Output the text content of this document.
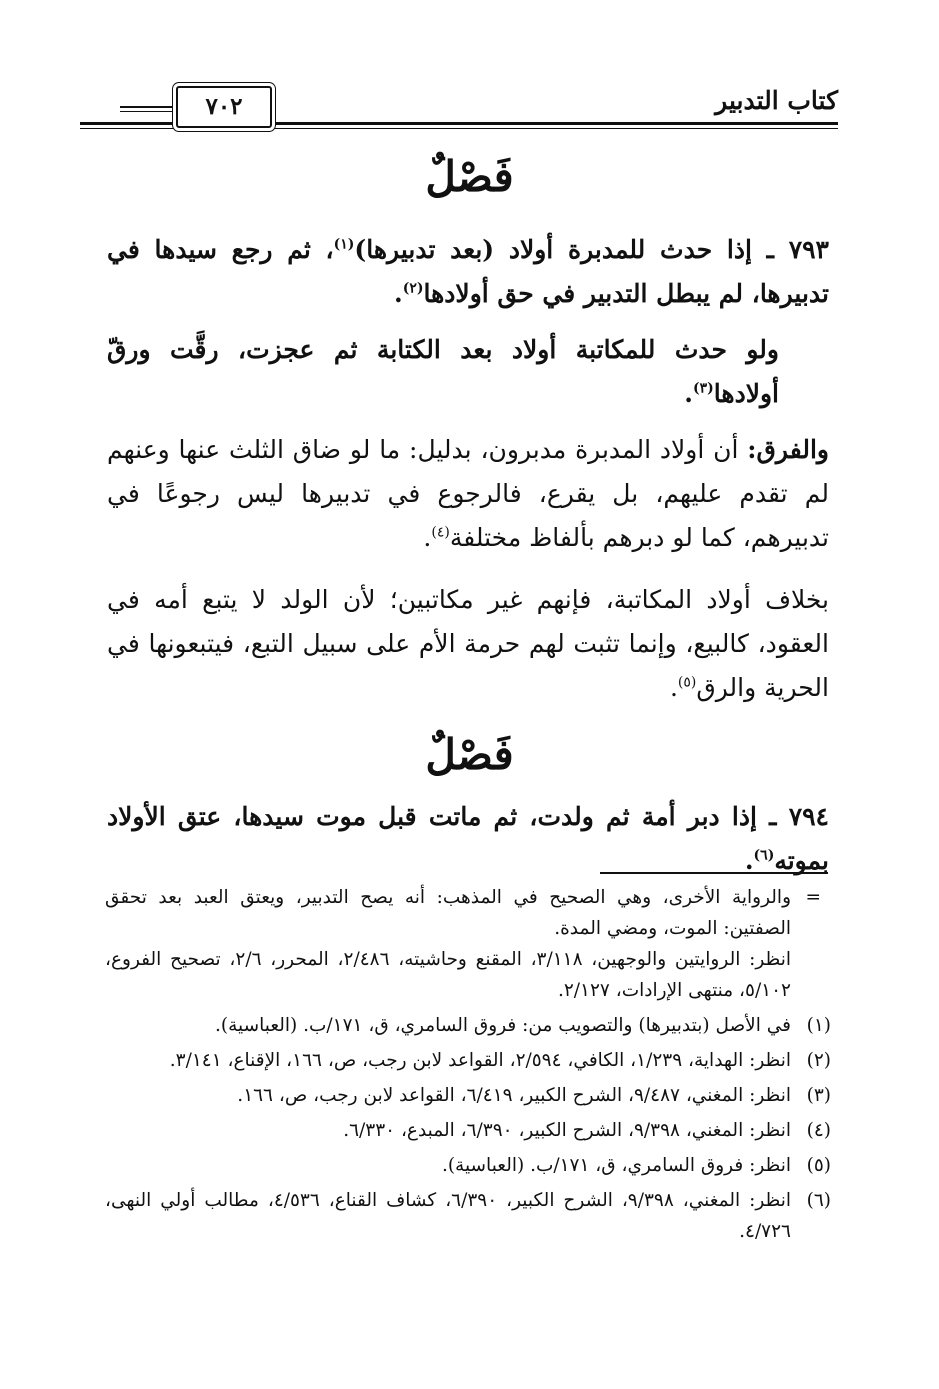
كتاب التدبير
٧٠٢
فَصْلٌ
٧٩٣ ـ إذا حدث للمدبرة أولاد (بعد تدبيرها)$^{(١)}$، ثم رجع سيدها في تدبيرها، لم يبطل التدبير في حق أولادها$^{(٢)}$.
ولو حدث للمكاتبة أولاد بعد الكتابة ثم عجزت، رقَّت ورقّ أولادها$^{(٣)}$.
والفرق: أن أولاد المدبرة مدبرون، بدليل: ما لو ضاق الثلث عنها وعنهم لم تقدم عليهم، بل يقرع، فالرجوع في تدبيرها ليس رجوعًا في تدبيرهم، كما لو دبرهم بألفاظ مختلفة$^{(٤)}$.
بخلاف أولاد المكاتبة، فإنهم غير مكاتبين؛ لأن الولد لا يتبع أمه في العقود، كالبيع، وإنما تثبت لهم حرمة الأم على سبيل التبع، فيتبعونها في الحرية والرق$^{(٥)}$.
فَصْلٌ
٧٩٤ ـ إذا دبر أمة ثم ولدت، ثم ماتت قبل موت سيدها، عتق الأولاد بموته$^{(٦)}$.
=
والرواية الأخرى، وهي الصحيح في المذهب: أنه يصح التدبير، ويعتق العبد بعد تحقق الصفتين: الموت، ومضي المدة.
انظر: الروايتين والوجهين، ٣/١١٨، المقنع وحاشيته، ٢/٤٨٦، المحرر، ٢/٦، تصحيح الفروع، ٥/١٠٢، منتهى الإرادات، ٢/١٢٧.
(١)
في الأصل (بتدبيرها) والتصويب من: فروق السامري، ق، ١٧١/ب. (العباسية).
(٢)
انظر: الهداية، ١/٢٣٩، الكافي، ٢/٥٩٤، القواعد لابن رجب، ص، ١٦٦، الإقناع، ٣/١٤١.
(٣)
انظر: المغني، ٩/٤٨٧، الشرح الكبير، ٦/٤١٩، القواعد لابن رجب، ص، ١٦٦.
(٤)
انظر: المغني، ٩/٣٩٨، الشرح الكبير، ٦/٣٩٠، المبدع، ٦/٣٣٠.
(٥)
انظر: فروق السامري، ق، ١٧١/ب. (العباسية).
(٦)
انظر: المغني، ٩/٣٩٨، الشرح الكبير، ٦/٣٩٠، كشاف القناع، ٤/٥٣٦، مطالب أولي النهى، ٤/٧٢٦.
